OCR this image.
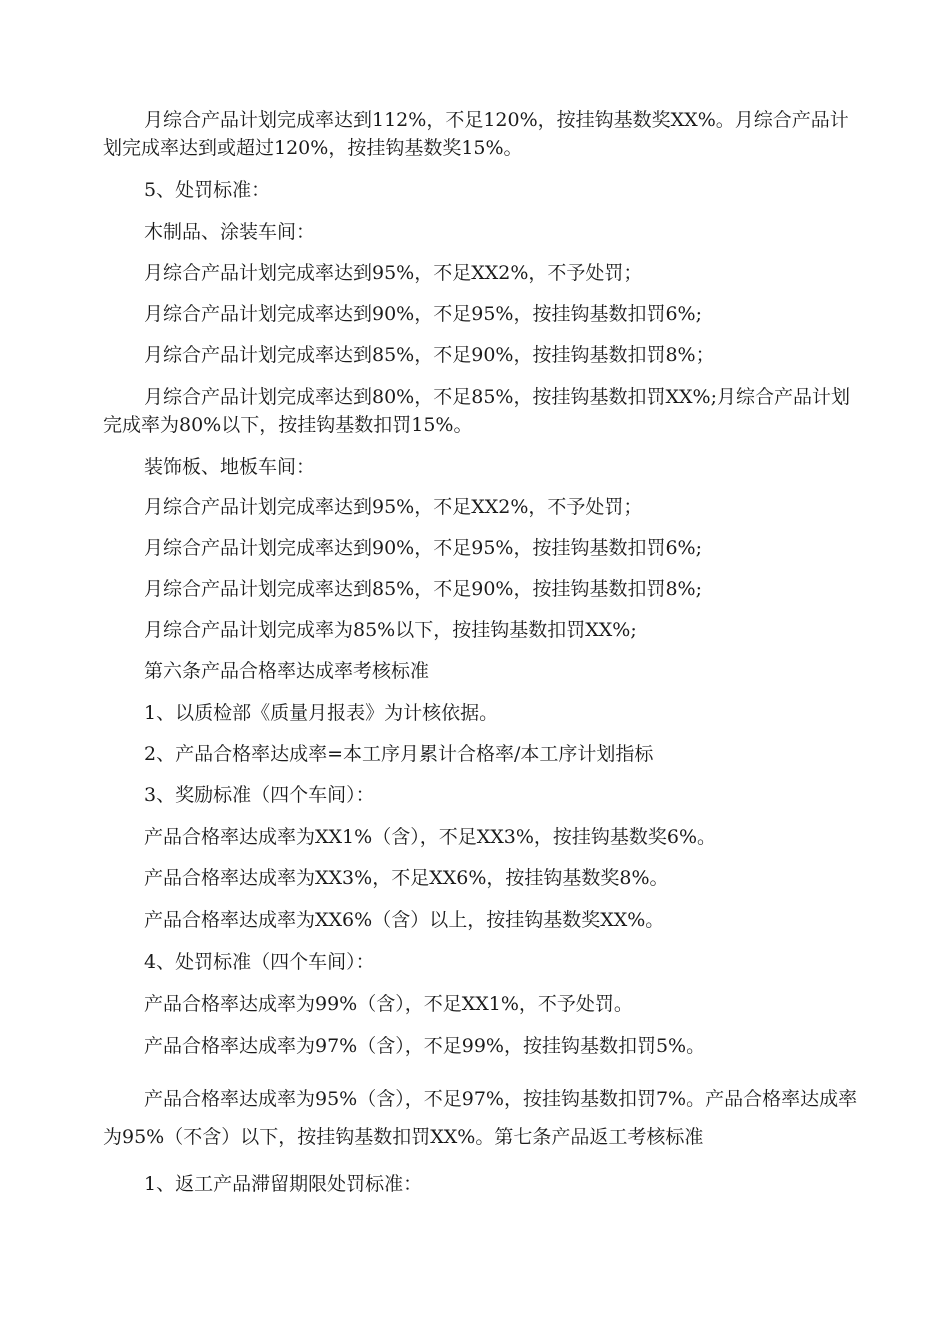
月综合产品计划完成率达到112%，不足120%，按挂钩基数奖XX%。月综合产品计划完成率达到或超过120%，按挂钩基数奖15%。

5、处罚标准：

木制品、涂装车间：

月综合产品计划完成率达到95%，不足XX2%，不予处罚；

月综合产品计划完成率达到90%，不足95%，按挂钩基数扣罚6%;

月综合产品计划完成率达到85%，不足90%，按挂钩基数扣罚8%；

月综合产品计划完成率达到80%，不足85%，按挂钩基数扣罚XX%;月综合产品计划完成率为80%以下，按挂钩基数扣罚15%。

装饰板、地板车间：

月综合产品计划完成率达到95%，不足XX2%，不予处罚；

月综合产品计划完成率达到90%，不足95%，按挂钩基数扣罚6%;

月综合产品计划完成率达到85%，不足90%，按挂钩基数扣罚8%;

月综合产品计划完成率为85%以下，按挂钩基数扣罚XX%;

第六条产品合格率达成率考核标准

1、以质检部《质量月报表》为计核依据。

2、产品合格率达成率=本工序月累计合格率/本工序计划指标

3、奖励标准（四个车间）：

产品合格率达成率为XX1%（含），不足XX3%，按挂钩基数奖6%。

产品合格率达成率为XX3%，不足XX6%，按挂钩基数奖8%。

产品合格率达成率为XX6%（含）以上，按挂钩基数奖XX%。

4、处罚标准（四个车间）：

产品合格率达成率为99%（含），不足XX1%，不予处罚。

产品合格率达成率为97%（含），不足99%，按挂钩基数扣罚5%。

产品合格率达成率为95%（含），不足97%，按挂钩基数扣罚7%。产品合格率达成率为95%（不含）以下，按挂钩基数扣罚XX%。第七条产品返工考核标准

1、返工产品滞留期限处罚标准：
